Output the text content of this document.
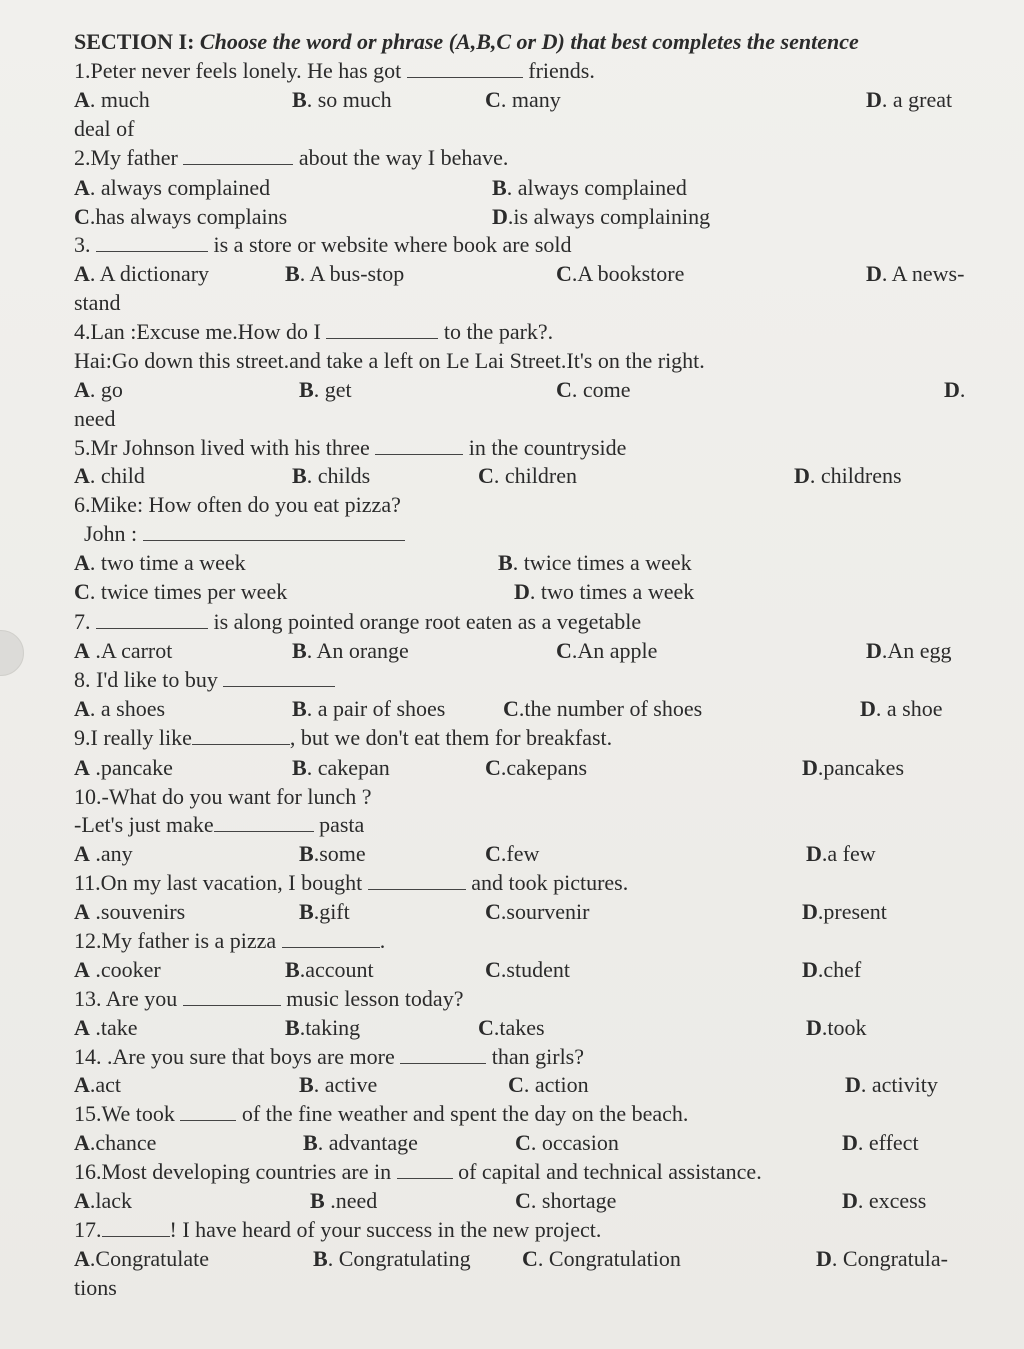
SECTION I: Choose the word or phrase (A,B,C or D) that best completes the sentence
1.Peter never feels lonely. He has got	friends.
A. much	B. so much	C. many	D. a great
deal of
2.My father	about the way I behave.
A. always complained	B. always complained
C.has always complains	D.is always complaining
3.	is a store or website where book are sold
A. A dictionary	B. A bus-stop	C.A bookstore	D. A news-
stand
4.Lan :Excuse me.How do I	to the park?.
Hai:Go down this street.and take a left on Le Lai Street.It's on the right.
A. go	B. get	C. come	D.
need
5.Mr Johnson lived with his three	in the countryside
A. child	B. childs	C. children	D. childrens
6.Mike: How often do you eat pizza?
John :
A. two time a week	B. twice times a week
C. twice times per week	D. two times a week
7.	is along pointed orange root eaten as a vegetable
A .A carrot	B. An orange	C.An apple	D.An egg
8. I'd like to buy
A. a shoes	B. a pair of shoes	C.the number of shoes	D. a shoe
9.I really like	, but we don't eat them for breakfast.
A .pancake	B. cakepan	C.cakepans	D.pancakes
10.-What do you want for lunch ?
-Let's just make	pasta
A .any	B.some	C.few	D.a few
11.On my last vacation, I bought	and took pictures.
A .souvenirs	B.gift	C.sourvenir	D.present
12.My father is a pizza	.
A .cooker	B.account	C.student	D.chef
13. Are you	music lesson today?
A .take	B.taking	C.takes	D.took
14. .Are you sure that boys are more	than girls?
A.act	B. active	C. action	D. activity
15.We took	of the fine weather and spent the day on the beach.
A.chance	B. advantage	C. occasion	D. effect
16.Most developing countries are in	of capital and technical assistance.
A.lack	B .need	C. shortage	D. excess
17.	! I have heard of your success in the new project.
A.Congratulate	B. Congratulating C. Congratulation	D. Congratula-
tions
